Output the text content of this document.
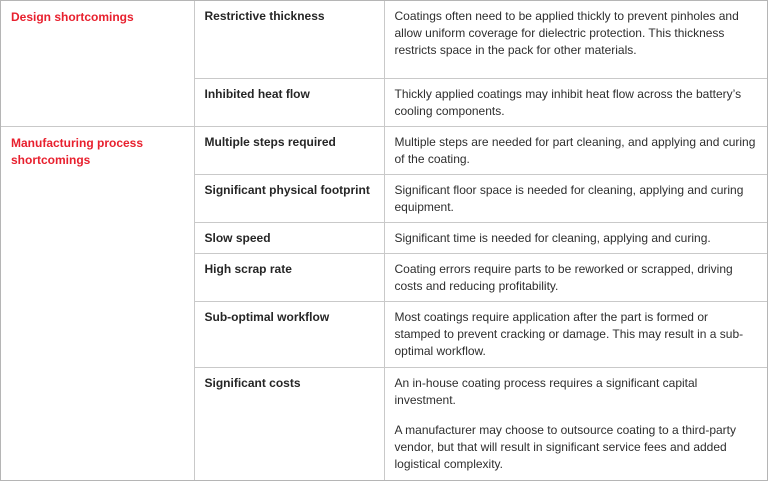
Design shortcomings	Restrictive thickness	Coatings often need to be applied thickly to prevent pinholes and allow uniform coverage for dielectric protection. This thickness restricts space in the pack for other materials.

	Inhibited heat flow	Thickly applied coatings may inhibit heat flow across the battery’s cooling components.

Manufacturing process shortcomings	Multiple steps required	Multiple steps are needed for part cleaning, and applying and curing of the coating.

	Significant physical footprint	Significant floor space is needed for cleaning, applying and curing equipment.

	Slow speed	Significant time is needed for cleaning, applying and curing.

	High scrap rate	Coating errors require parts to be reworked or scrapped, driving costs and reducing profitability.

	Sub-optimal workflow	Most coatings require application after the part is formed or stamped to prevent cracking or damage. This may result in a sub-optimal workflow.

	Significant costs	An in-house coating process requires a significant capital investment.

A manufacturer may choose to outsource coating to a third-party vendor, but that will result in significant service fees and added logistical complexity.
